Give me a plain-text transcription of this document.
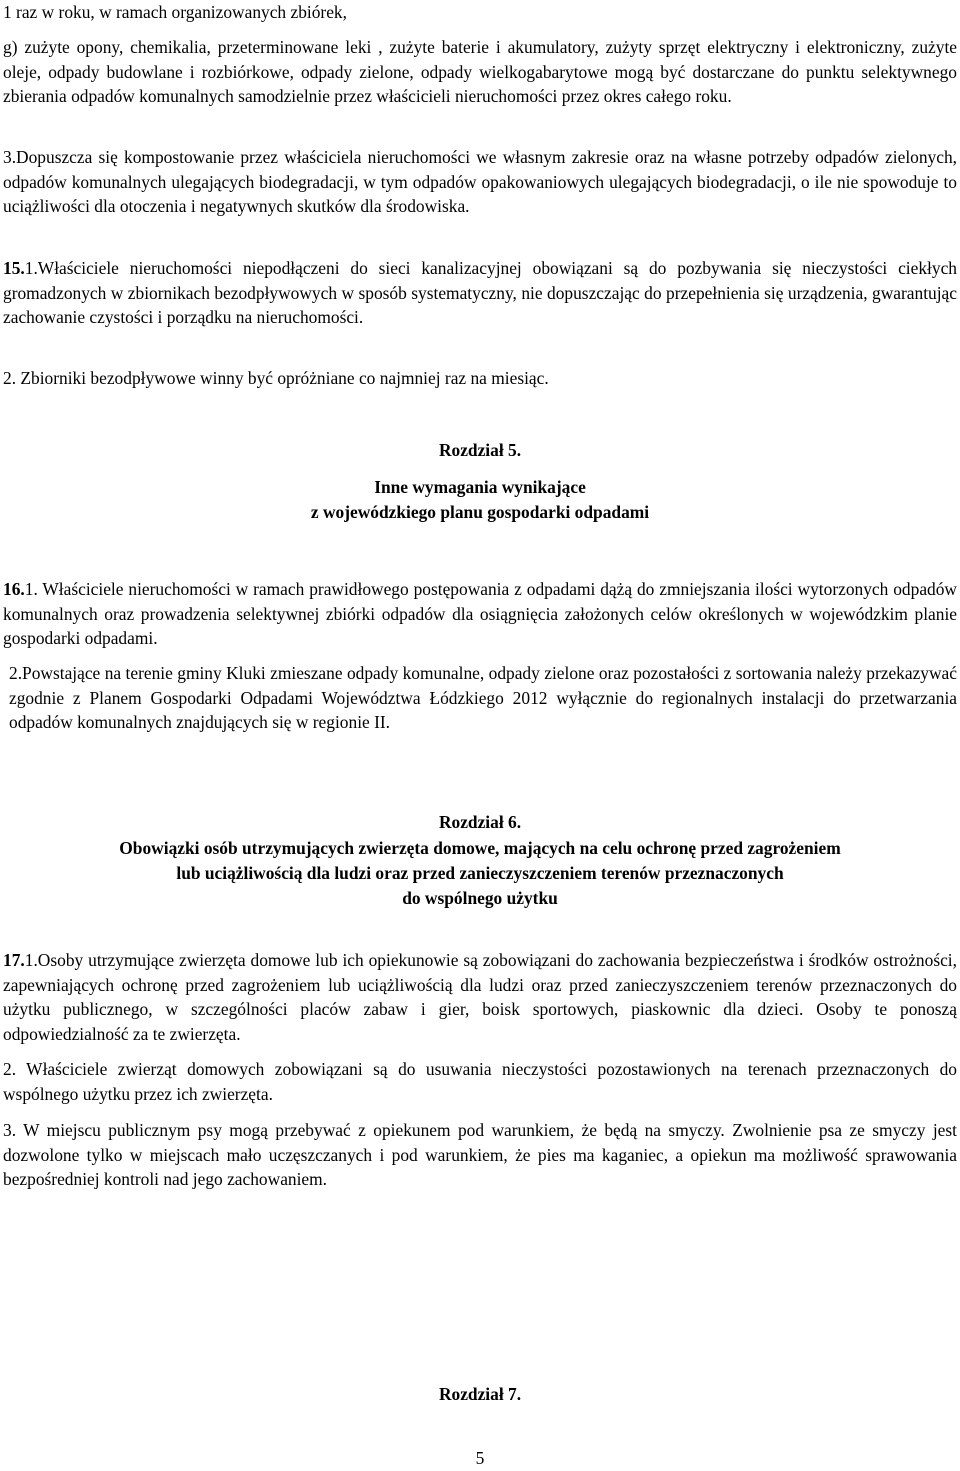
1 raz w roku, w ramach organizowanych zbiórek,

g) zużyte opony, chemikalia, przeterminowane leki , zużyte baterie i akumulatory, zużyty sprzęt elektryczny i elektroniczny, zużyte oleje, odpady budowlane i rozbiórkowe, odpady zielone, odpady wielkogabarytowe mogą być dostarczane do punktu selektywnego zbierania odpadów komunalnych samodzielnie przez właścicieli nieruchomości przez okres całego roku.

3.Dopuszcza się kompostowanie przez właściciela nieruchomości we własnym zakresie oraz na własne potrzeby odpadów zielonych, odpadów komunalnych ulegających biodegradacji, w tym odpadów opakowaniowych ulegających biodegradacji, o ile nie spowoduje to uciążliwości dla otoczenia i negatywnych skutków dla środowiska.

15.1.Właściciele nieruchomości niepodłączeni do sieci kanalizacyjnej obowiązani są do pozbywania się nieczystości ciekłych gromadzonych w zbiornikach bezodpływowych w sposób systematyczny, nie dopuszczając do przepełnienia się urządzenia, gwarantując zachowanie czystości i porządku na nieruchomości.

2. Zbiorniki bezodpływowe winny być opróżniane co najmniej raz na miesiąc.

Rozdział 5.

Inne wymagania wynikające

z wojewódzkiego planu gospodarki odpadami

16.1. Właściciele nieruchomości w ramach prawidłowego postępowania z odpadami dążą do zmniejszania ilości wytorzonych odpadów komunalnych oraz prowadzenia selektywnej zbiórki odpadów dla osiągnięcia założonych celów określonych w wojewódzkim planie gospodarki odpadami.

2.Powstające na terenie gminy Kluki zmieszane odpady komunalne, odpady zielone oraz pozostałości z sortowania należy przekazywać zgodnie z Planem Gospodarki Odpadami Województwa Łódzkiego 2012 wyłącznie do regionalnych instalacji do przetwarzania odpadów komunalnych znajdujących się w regionie II.

Rozdział 6.

Obowiązki osób utrzymujących zwierzęta domowe, mających na celu ochronę przed zagrożeniem

lub uciążliwością dla ludzi oraz przed zanieczyszczeniem terenów przeznaczonych

do wspólnego użytku

17.1.Osoby utrzymujące zwierzęta domowe lub ich opiekunowie są zobowiązani do zachowania bezpieczeństwa i środków ostrożności, zapewniających ochronę przed zagrożeniem lub uciążliwością dla ludzi oraz przed zanieczyszczeniem terenów przeznaczonych do użytku publicznego, w szczególności placów zabaw i gier, boisk sportowych, piaskownic dla dzieci. Osoby te ponoszą odpowiedzialność za te zwierzęta.

2. Właściciele zwierząt domowych zobowiązani są do usuwania nieczystości pozostawionych na terenach przeznaczonych do wspólnego użytku przez ich zwierzęta.

3. W miejscu publicznym psy mogą przebywać z opiekunem pod warunkiem, że będą na smyczy. Zwolnienie psa ze smyczy jest dozwolone tylko w miejscach mało uczęszczanych i pod warunkiem, że pies ma kaganiec, a opiekun ma możliwość sprawowania bezpośredniej kontroli nad jego zachowaniem.

Rozdział 7.

5
